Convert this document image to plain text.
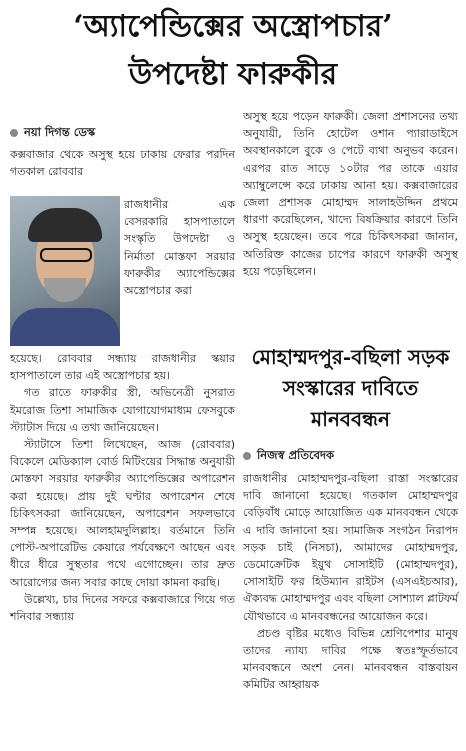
‘অ্যাপেন্ডিক্সের অস্ত্রোপচার’
উপদেষ্টা ফারুকীর
নয়া দিগন্ত ডেস্ক

কক্সবাজার থেকে অসুস্থ হয়ে ঢাকায় ফেরার পরদিন গতকাল রোববার

রাজধানীর এক বেসরকারি হাসপাতালে সংস্কৃতি উপদেষ্টা ও নির্মাতা মোস্তফা সরয়ার ফারুকীর অ্যাপেন্ডিক্সের অস্ত্রোপচার করা

হয়েছে। রোববার সন্ধ্যায় রাজধানীর স্কয়ার হাসপাতালে তার এই অস্ত্রোপচার হয়।

গত রাতে ফারুকীর স্ত্রী, অভিনেত্রী নুসরাত ইমরোজ তিশা সামাজিক যোগাযোগমাধ্যম ফেসবুকে স্ট্যাটাস দিয়ে এ তথ্য জানিয়েছেন।

স্ট্যাটাসে তিশা লিখেছেন, আজ (রোববার) বিকেলে মেডিক্যাল বোর্ড মিটিংয়ের সিদ্ধান্ত অনুযায়ী মোস্তফা সরয়ার ফারুকীর অ্যাপেন্ডিক্সের অপারেশন করা হয়েছে। প্রায় দুই ঘণ্টার অপারেশন শেষে চিকিৎসকরা জানিয়েছেন, অপারেশন সফলভাবে সম্পন্ন হয়েছে। আলহামদুলিল্লাহ। বর্তমানে তিনি পোস্ট-অপারেটিভ কেয়ারে পর্যবেক্ষণে আছেন এবং ধীরে ধীরে সুস্থতার পথে এগোচ্ছেন। তার দ্রুত আরোগ্যের জন্য সবার কাছে দোয়া কামনা করছি।

উল্লেখ্য, চার দিনের সফরে কক্সবাজারে গিয়ে গত শনিবার সন্ধ্যায়

অসুস্থ হয়ে পড়েন ফারুকী। জেলা প্রশাসনের তথ্য অনুযায়ী, তিনি হোটেল ওশান প্যারাডাইসে অবস্থানকালে বুকে ও পেটে ব্যথা অনুভব করেন। এরপর রাত সাড়ে ১০টার পর তাকে এয়ার অ্যাম্বুলেন্সে করে ঢাকায় আনা হয়। কক্সবাজারের জেলা প্রশাসক মোহাম্মদ সালাহউদ্দিন প্রথমে ধারণা করেছিলেন, খাদ্যে বিষক্রিয়ার কারণে তিনি অসুস্থ হয়েছেন। তবে পরে চিকিৎসকরা জানান, অতিরিক্ত কাজের চাপের কারণে ফারুকী অসুস্থ হয়ে পড়েছিলেন।

মোহাম্মদপুর-বছিলা সড়ক সংস্কারের দাবিতে মানববন্ধন
নিজস্ব প্রতিবেদক

রাজধানীর মোহাম্মদপুর-বছিলা রাস্তা সংস্কারের দাবি জানানো হয়েছে। গতকাল মোহাম্মদপুর বেড়িবাঁধ মোড়ে আয়োজিত এক মানববন্ধন থেকে এ দাবি জানানো হয়। সামাজিক সংগঠন নিরাপদ সড়ক চাই (নিসচা), আমাদের মোহাম্মদপুর, ডেমোক্রেটিক ইয়ুথ সোসাইটি (মোহাম্মদপুর), সোসাইটি ফর হিউম্যান রাইটস (এসএইচআর), ঐক্যবদ্ধ মোহাম্মদপুর এবং বছিলা সোশ্যাল প্লাটফর্ম যৌথভাবে এ মানববন্ধনের আয়োজন করে।

প্রচণ্ড বৃষ্টির মধ্যেও বিভিন্ন শ্রেণিপেশার মানুষ তাদের ন্যায্য দাবির পক্ষে স্বতঃস্ফূর্তভাবে মানববন্ধনে অংশ নেন। মানববন্ধন বাস্তবায়ন কমিটির আহ্বায়ক
